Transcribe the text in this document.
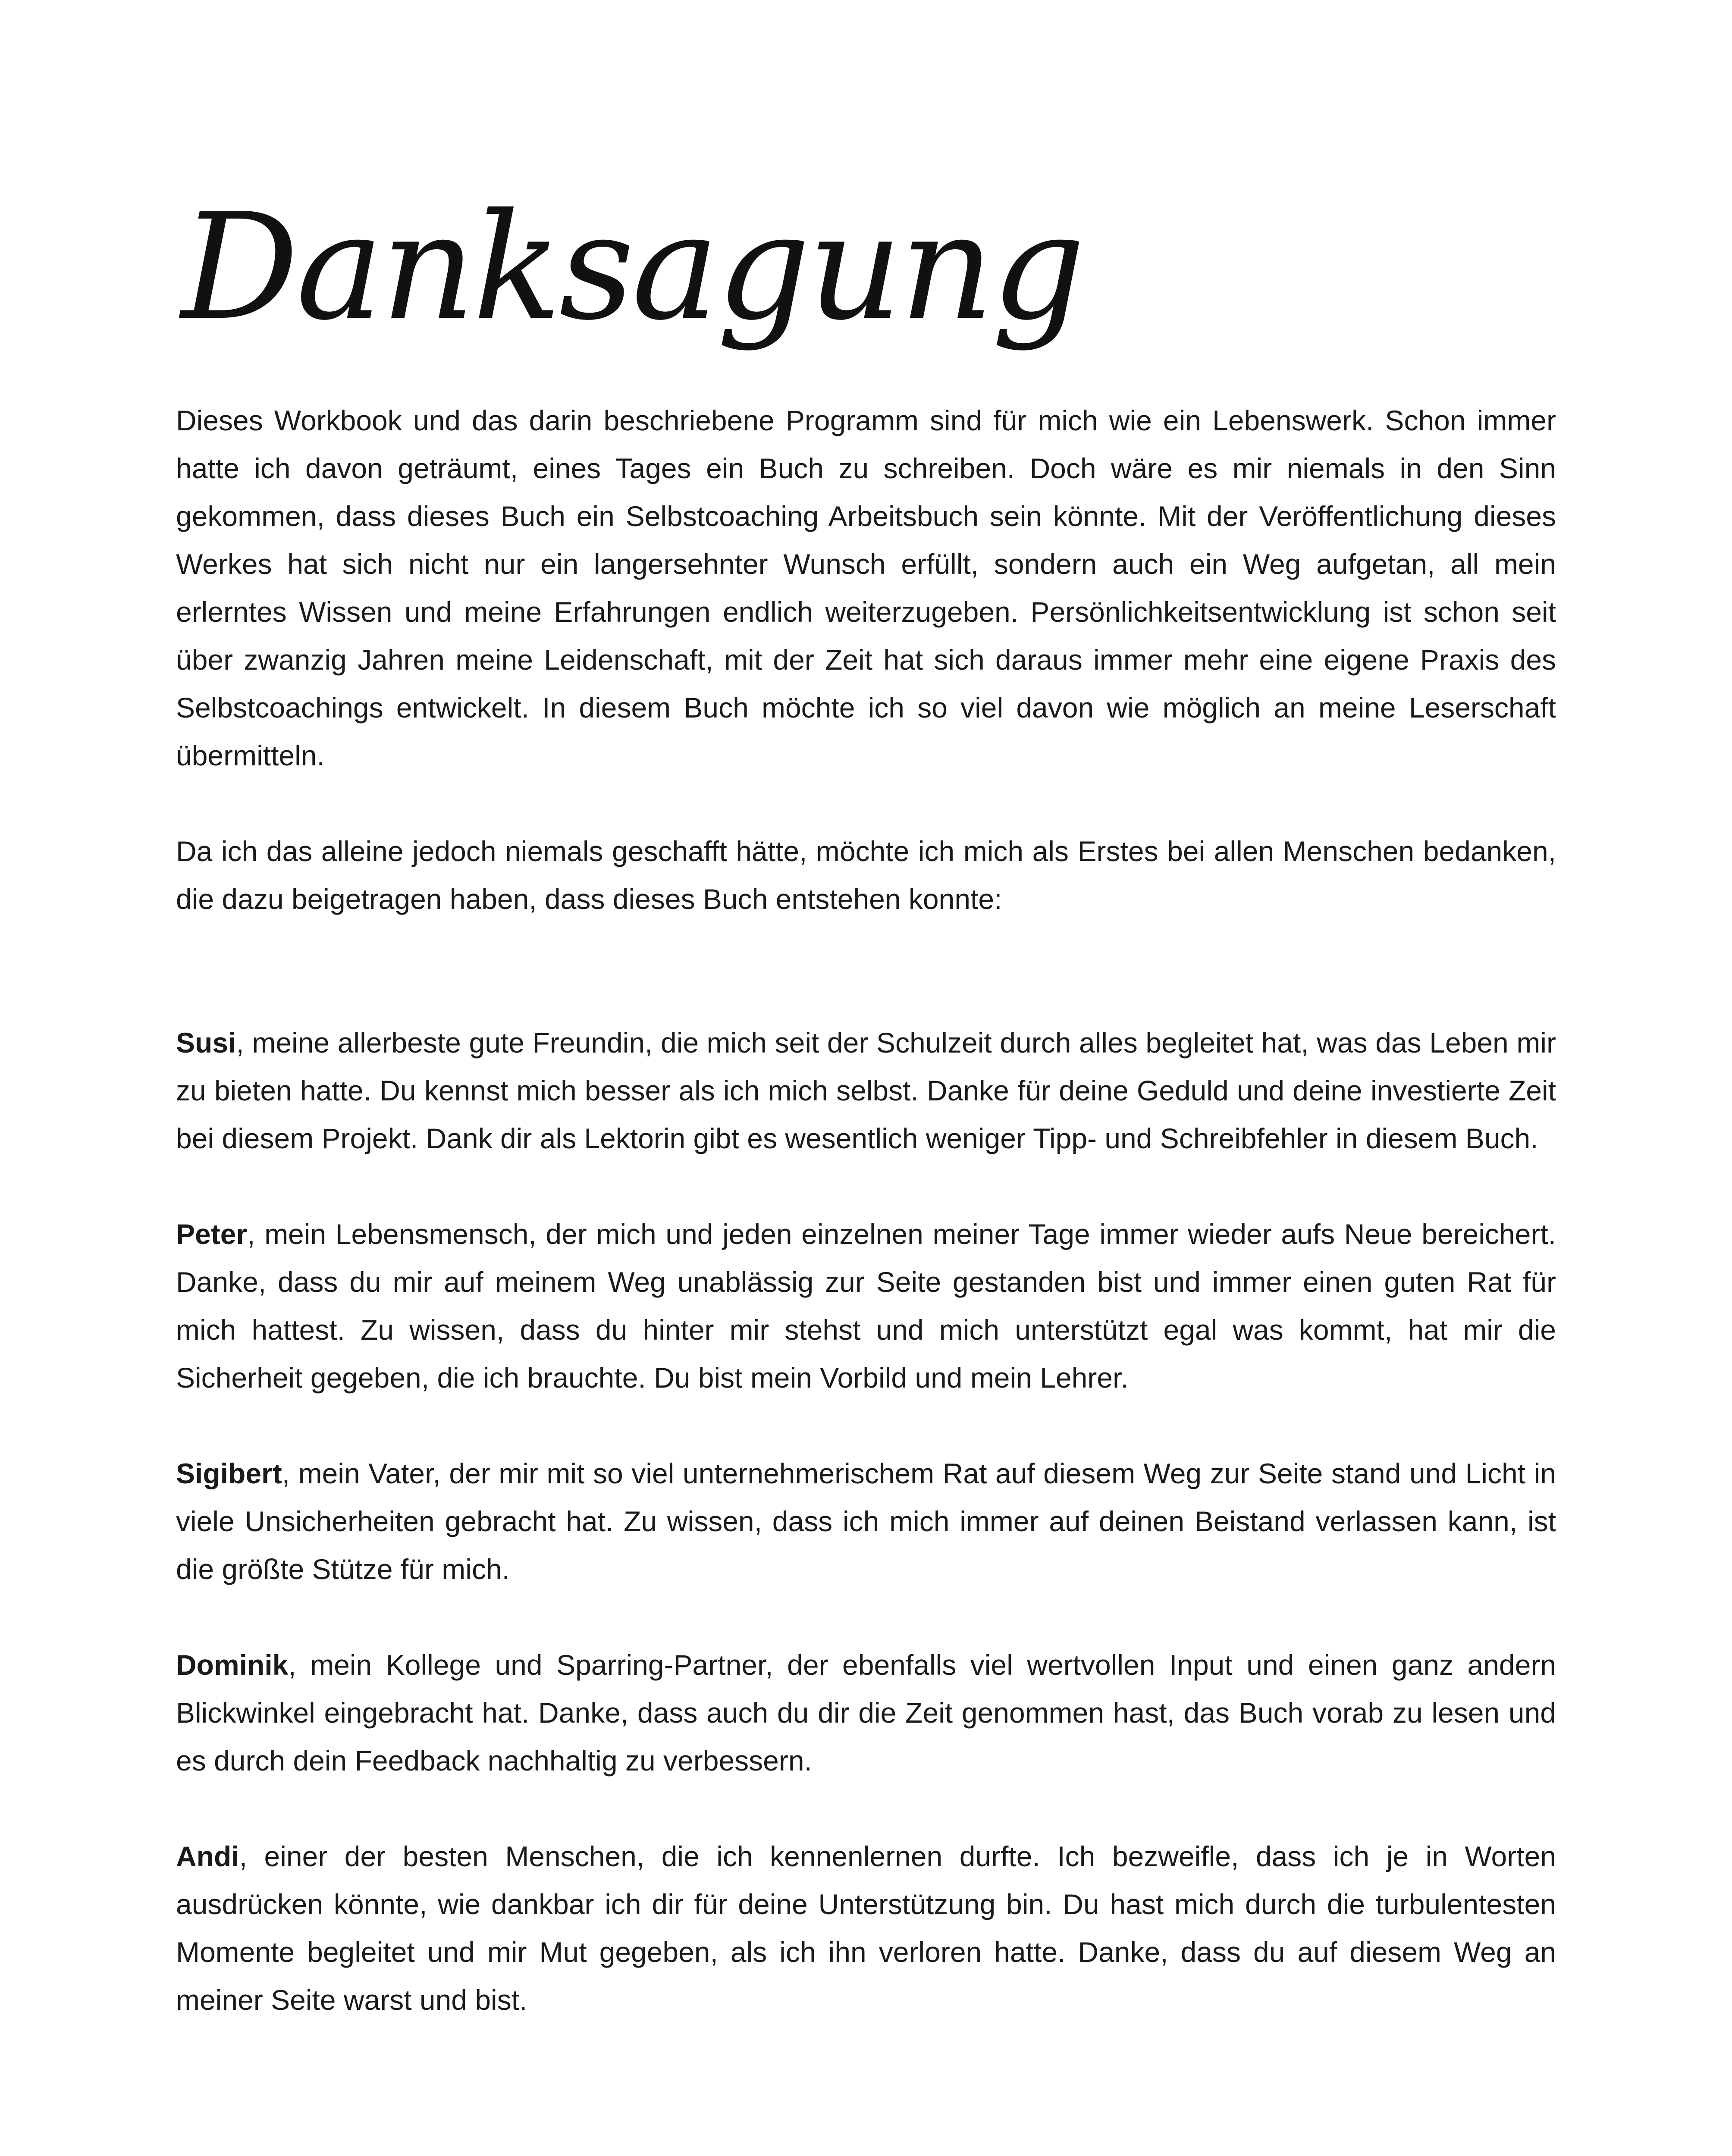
Danksagung

Dieses Workbook und das darin beschriebene Programm sind für mich wie ein Lebenswerk. Schon immer hatte ich davon geträumt, eines Tages ein Buch zu schreiben. Doch wäre es mir niemals in den Sinn gekommen, dass dieses Buch ein Selbstcoaching Arbeitsbuch sein könnte. Mit der Veröffentlichung dieses Werkes hat sich nicht nur ein langersehnter Wunsch erfüllt, sondern auch ein Weg aufgetan, all mein erlerntes Wissen und meine Erfahrungen endlich weiterzugeben. Persönlichkeitsentwicklung ist schon seit über zwanzig Jahren meine Leidenschaft, mit der Zeit hat sich daraus immer mehr eine eigene Praxis des Selbstcoachings entwickelt. In diesem Buch möchte ich so viel davon wie möglich an meine Leserschaft übermitteln.

Da ich das alleine jedoch niemals geschafft hätte, möchte ich mich als Erstes bei allen Menschen bedanken, die dazu beigetragen haben, dass dieses Buch entstehen konnte:

Susi, meine allerbeste gute Freundin, die mich seit der Schulzeit durch alles begleitet hat, was das Leben mir zu bieten hatte. Du kennst mich besser als ich mich selbst. Danke für deine Geduld und deine investierte Zeit bei diesem Projekt. Dank dir als Lektorin gibt es wesentlich weniger Tipp- und Schreibfehler in diesem Buch.

Peter, mein Lebensmensch, der mich und jeden einzelnen meiner Tage immer wieder aufs Neue bereichert. Danke, dass du mir auf meinem Weg unablässig zur Seite gestanden bist und immer einen guten Rat für mich hattest. Zu wissen, dass du hinter mir stehst und mich unterstützt egal was kommt, hat mir die Sicherheit gegeben, die ich brauchte. Du bist mein Vorbild und mein Lehrer.

Sigibert, mein Vater, der mir mit so viel unternehmerischem Rat auf diesem Weg zur Seite stand und Licht in viele Unsicherheiten gebracht hat. Zu wissen, dass ich mich immer auf deinen Beistand verlassen kann, ist die größte Stütze für mich.

Dominik, mein Kollege und Sparring-Partner, der ebenfalls viel wertvollen Input und einen ganz andern Blickwinkel eingebracht hat. Danke, dass auch du dir die Zeit genommen hast, das Buch vorab zu lesen und es durch dein Feedback nachhaltig zu verbessern.

Andi, einer der besten Menschen, die ich kennenlernen durfte. Ich bezweifle, dass ich je in Worten ausdrücken könnte, wie dankbar ich dir für deine Unterstützung bin. Du hast mich durch die turbulentesten Momente begleitet und mir Mut gegeben, als ich ihn verloren hatte. Danke, dass du auf diesem Weg an meiner Seite warst und bist.
